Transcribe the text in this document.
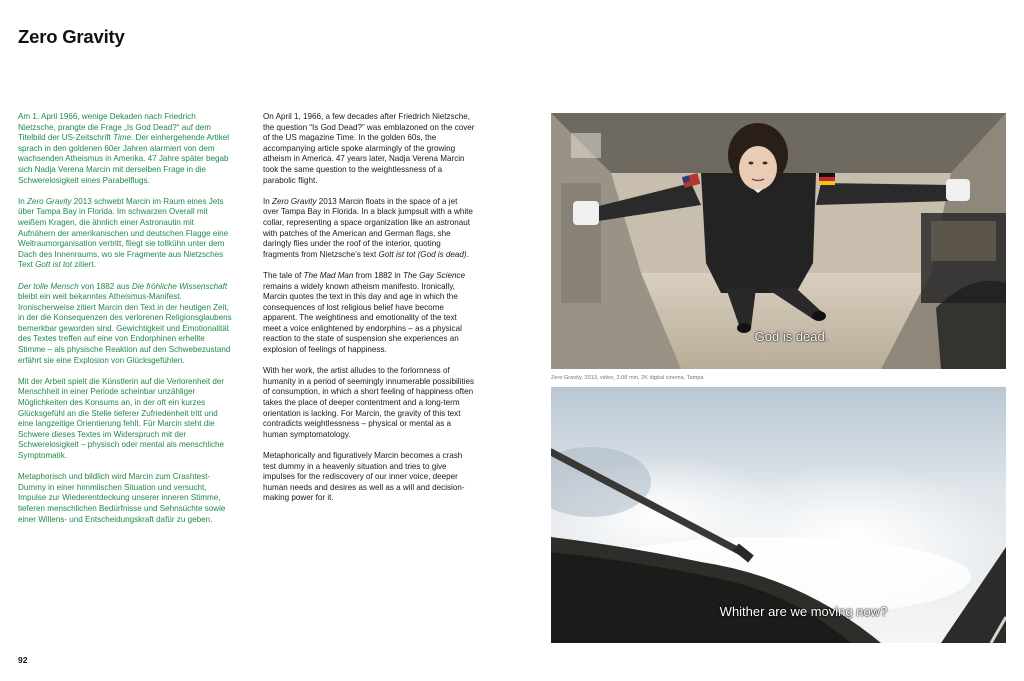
Zero Gravity

Am 1. April 1966, wenige Dekaden nach Friedrich Nietzsche, prangte die Frage „Is God Dead?“ auf dem Titelbild der US-Zeitschrift Time. Der einhergehende Artikel sprach in den goldenen 60er Jahren alarmiert von dem wachsenden Atheismus in Amerika. 47 Jahre später begab sich Nadja Verena Marcin mit derselben Frage in die Schwerelosigkeit eines Parabelflugs.

In Zero Gravity 2013 schwebt Marcin im Raum eines Jets über Tampa Bay in Florida. Im schwarzen Overall mit weißem Kragen, die ähnlich einer Astronautin mit Aufnähern der amerikanischen und deutschen Flagge eine Weltraumorganisation vertritt, fliegt sie tollkühn unter dem Dach des Innenraums, wo sie Fragmente aus Nietzsches Text Gott ist tot zitiert.

Der tolle Mensch von 1882 aus Die fröhliche Wissenschaft bleibt ein weit bekanntes Atheismus-Manifest. Ironischerweise zitiert Marcin den Text in der heutigen Zeit, in der die Konsequenzen des verlorenen Religionsglaubens bemerkbar geworden sind. Gewichtigkeit und Emotionalität des Textes treffen auf eine von Endorphinen erhellte Stimme – als physische Reaktion auf den Schwebezustand erfährt sie eine Explosion von Glücksgefühlen.

Mit der Arbeit spielt die Künstlerin auf die Verlorenheit der Menschheit in einer Periode scheinbar unzähliger Möglichkeiten des Konsums an, in der oft ein kurzes Glücksgefühl an die Stelle tieferer Zufriedenheit tritt und eine langzeitige Orientierung fehlt. Für Marcin steht die Schwere dieses Textes im Widerspruch mit der Schwerelosigkeit – physisch oder mental als menschliche Symptomatik.

Metaphorisch und bildlich wird Marcin zum Crashtest-Dummy in einer himmlischen Situation und versucht, Impulse zur Wiederentdeckung unserer inneren Stimme, tieferen menschlichen Bedürfnisse und Sehnsüchte sowie einer Willens- und Entscheidungskraft dafür zu geben.

On April 1, 1966, a few decades after Friedrich Nietzsche, the question “Is God Dead?” was emblazoned on the cover of the US magazine Time. In the golden 60s, the accompanying article spoke alarmingly of the growing atheism in America. 47 years later, Nadja Verena Marcin took the same question to the weightlessness of a parabolic flight.

In Zero Gravity 2013 Marcin floats in the space of a jet over Tampa Bay in Florida. In a black jumpsuit with a white collar, representing a space organization like an astronaut with patches of the American and German flags, she daringly flies under the roof of the interior, quoting fragments from Nietzsche’s text Gott ist tot (God is dead).

The tale of The Mad Man from 1882 in The Gay Science remains a widely known atheism manifesto. Ironically, Marcin quotes the text in this day and age in which the consequences of lost religious belief have become apparent. The weightiness and emotionality of the text meet a voice enlightened by endorphins – as a physical reaction to the state of suspension she experiences an explosion of feelings of happiness.

With her work, the artist alludes to the forlornness of humanity in a period of seemingly innumerable possibilities of consumption, in which a short feeling of happiness often takes the place of deeper contentment and a long-term orientation is lacking. For Marcin, the gravity of this text contradicts weightlessness – physical or mental as a human symptomatology.

Metaphorically and figuratively Marcin becomes a crash test dummy in a heavenly situation and tries to give impulses for the rediscovery of our inner voice, deeper human needs and desires as well as a will and decision-making power for it.

God is dead.
Zero Gravity, 2013, video, 2.08 min, 2K digital cinema, Tampa
Whither are we moving now?
92
